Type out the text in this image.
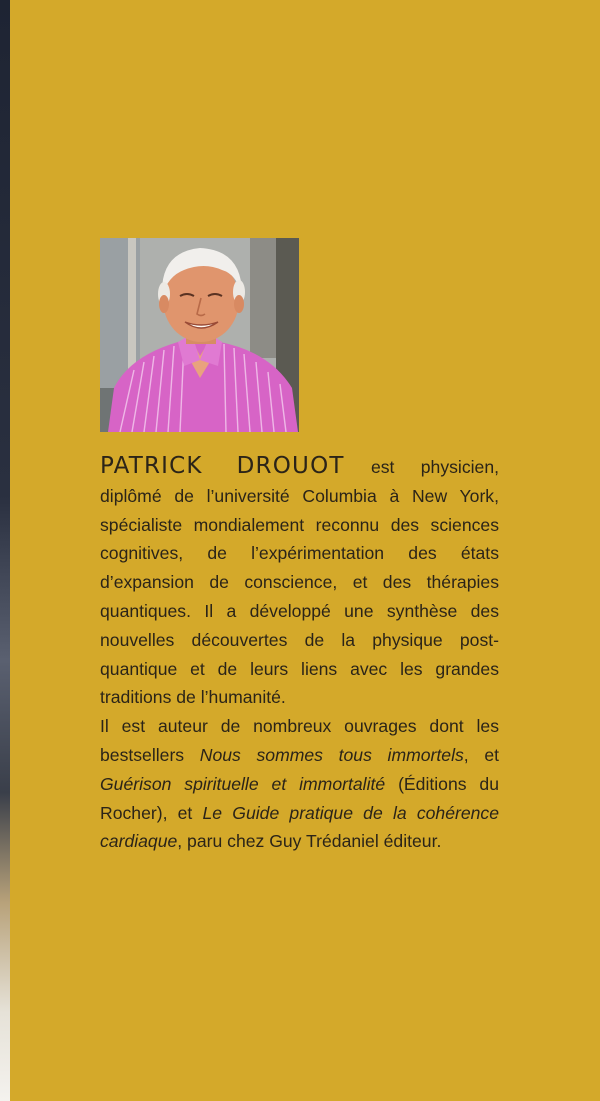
PATRICK DROUOT est physicien, diplômé de l’université Columbia à New York, spécialiste mondialement reconnu des sciences cognitives, de l’expérimentation des états d’expansion de conscience, et des thérapies quantiques. Il a développé une synthèse des nouvelles découvertes de la physique post-quantique et de leurs liens avec les grandes traditions de l’humanité.

Il est auteur de nombreux ouvrages dont les bestsellers Nous sommes tous immortels, et Guérison spirituelle et immortalité (Éditions du Rocher), et Le Guide pratique de la cohérence cardiaque, paru chez Guy Trédaniel éditeur.
